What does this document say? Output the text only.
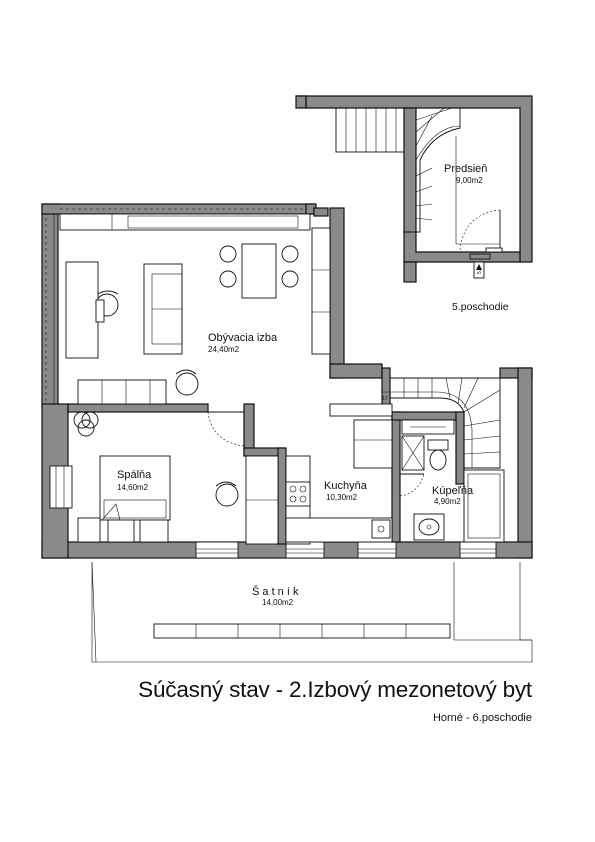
5.P
Predsieň
9,00m2
5.poschodie
Spálňa
14,60m2
Obývacia izba
24,40m2
Kuchyňa
10,30m2
17
Kúpeľňa
4,90m2
Š a t n í k
14,00m2
Súčasný stav - 2.Izbový mezonetový byt
Horné - 6.poschodie
